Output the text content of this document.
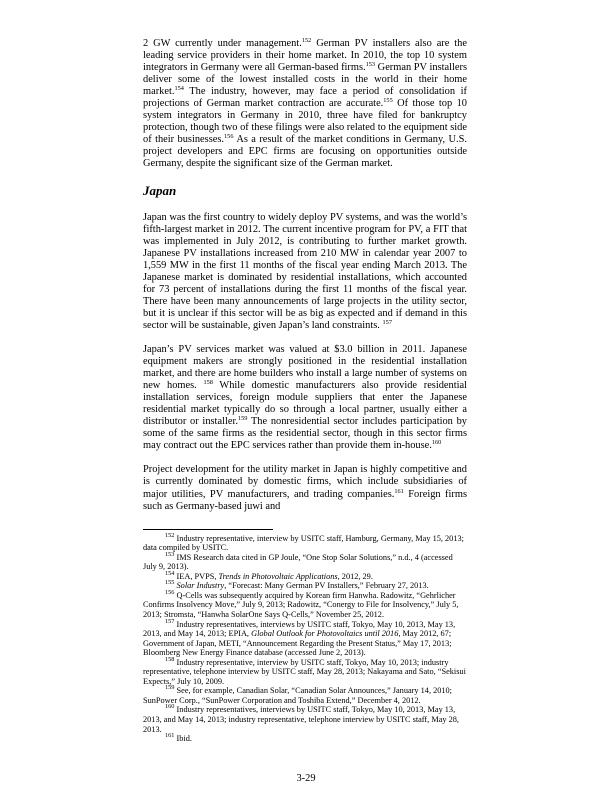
2 GW currently under management.$^{152}$ German PV installers also are the leading service providers in their home market. In 2010, the top 10 system integrators in Germany were all German-based firms.$^{153}$ German PV installers deliver some of the lowest installed costs in the world in their home market.$^{154}$ The industry, however, may face a period of consolidation if projections of German market contraction are accurate.$^{155}$ Of those top 10 system integrators in Germany in 2010, three have filed for bankruptcy protection, though two of these filings were also related to the equipment side of their businesses.$^{156}$ As a result of the market conditions in Germany, U.S. project developers and EPC firms are focusing on opportunities outside Germany, despite the significant size of the German market.

Japan

Japan was the first country to widely deploy PV systems, and was the world’s fifth-largest market in 2012. The current incentive program for PV, a FIT that was implemented in July 2012, is contributing to further market growth. Japanese PV installations increased from 210 MW in calendar year 2007 to 1,559 MW in the first 11 months of the fiscal year ending March 2013. The Japanese market is dominated by residential installations, which accounted for 73 percent of installations during the first 11 months of the fiscal year. There have been many announcements of large projects in the utility sector, but it is unclear if this sector will be as big as expected and if demand in this sector will be sustainable, given Japan’s land constraints. $^{157}$

Japan’s PV services market was valued at $3.0 billion in 2011. Japanese equipment makers are strongly positioned in the residential installation market, and there are home builders who install a large number of systems on new homes. $^{158}$ While domestic manufacturers also provide residential installation services, foreign module suppliers that enter the Japanese residential market typically do so through a local partner, usually either a distributor or installer.$^{159}$ The nonresidential sector includes participation by some of the same firms as the residential sector, though in this sector firms may contract out the EPC services rather than provide them in-house.$^{160}$

Project development for the utility market in Japan is highly competitive and is currently dominated by domestic firms, which include subsidiaries of major utilities, PV manufacturers, and trading companies.$^{161}$ Foreign firms such as Germany-based juwi and

$^{152}$ Industry representative, interview by USITC staff, Hamburg, Germany, May 15, 2013; data compiled by USITC.

$^{153}$ IMS Research data cited in GP Joule, “One Stop Solar Solutions,” n.d., 4 (accessed July 9, 2013).

$^{154}$ IEA, PVPS, Trends in Photovoltaic Applications, 2012, 29.

$^{155}$ Solar Industry, “Forecast: Many German PV Installers,” February 27, 2013.

$^{156}$ Q-Cells was subsequently acquired by Korean firm Hanwha. Radowitz, “Gehrlicher Confirms Insolvency Move,” July 9, 2013; Radowitz, “Conergy to File for Insolvency,” July 5, 2013; Stromsta, “Hanwha SolarOne Says Q-Cells,” November 25, 2012.

$^{157}$ Industry representatives, interviews by USITC staff, Tokyo, May 10, 2013, May 13, 2013, and May 14, 2013; EPIA, Global Outlook for Photovoltaics until 2016, May 2012, 67; Government of Japan, METI, “Announcement Regarding the Present Status,” May 17, 2013; Bloomberg New Energy Finance database (accessed June 2, 2013).

$^{158}$ Industry representative, interview by USITC staff, Tokyo, May 10, 2013; industry representative, telephone interview by USITC staff, May 28, 2013; Nakayama and Sato, “Sekisui Expects,” July 10, 2009.

$^{159}$ See, for example, Canadian Solar, “Canadian Solar Announces,” January 14, 2010; SunPower Corp., “SunPower Corporation and Toshiba Extend,” December 4, 2012.

$^{160}$ Industry representatives, interviews by USITC staff, Tokyo, May 10, 2013, May 13, 2013, and May 14, 2013; industry representative, telephone interview by USITC staff, May 28, 2013.

$^{161}$ Ibid.

3-29
